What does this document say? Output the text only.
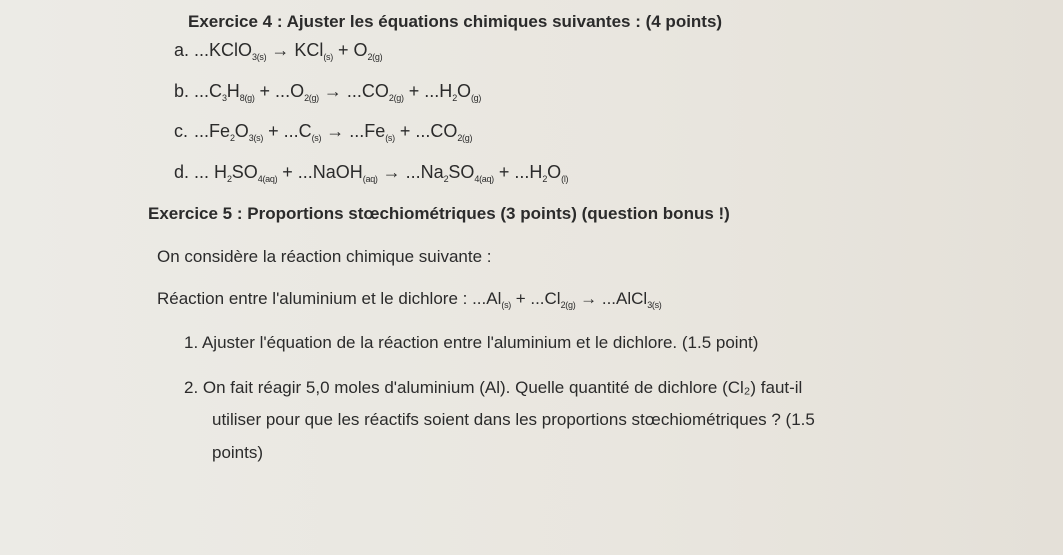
Exercice 4 : Ajuster les équations chimiques suivantes : (4 points)
a. ...KClO$_{3(s)}$ → $KCl_{(s)} + O_{2(g)}$
b. $...C_3H_{8(g)} + ...O_{2(g)} \to ...CO_{2(g)} + ...H_2O_{(g)}$
c. $...Fe_2O_{3(s)} + ...C_{(s)} \to ...Fe_{(s)} + ...CO_{2(g)}$
d. ... $H_2SO_{4(aq)}$ + ...NaOH$_{(aq)}$ → $...Na_2SO_{4(aq)} + ...H_2O_{(l)}$
Exercice 5 : Proportions stœchiométriques (3 points) (question bonus !)
On considère la réaction chimique suivante :
Réaction entre l'aluminium et le dichlore : $...Al_{(s)} + ...Cl_{2(g)}$ → ...AlCl$_{3(s)}$
1. Ajuster l'équation de la réaction entre l'aluminium et le dichlore. (1.5 point)
2. On fait réagir 5,0 moles d'aluminium (Al). Quelle quantité de dichlore (Cl₂) faut-il
utiliser pour que les réactifs soient dans les proportions stœchiométriques ? (1.5
points)
